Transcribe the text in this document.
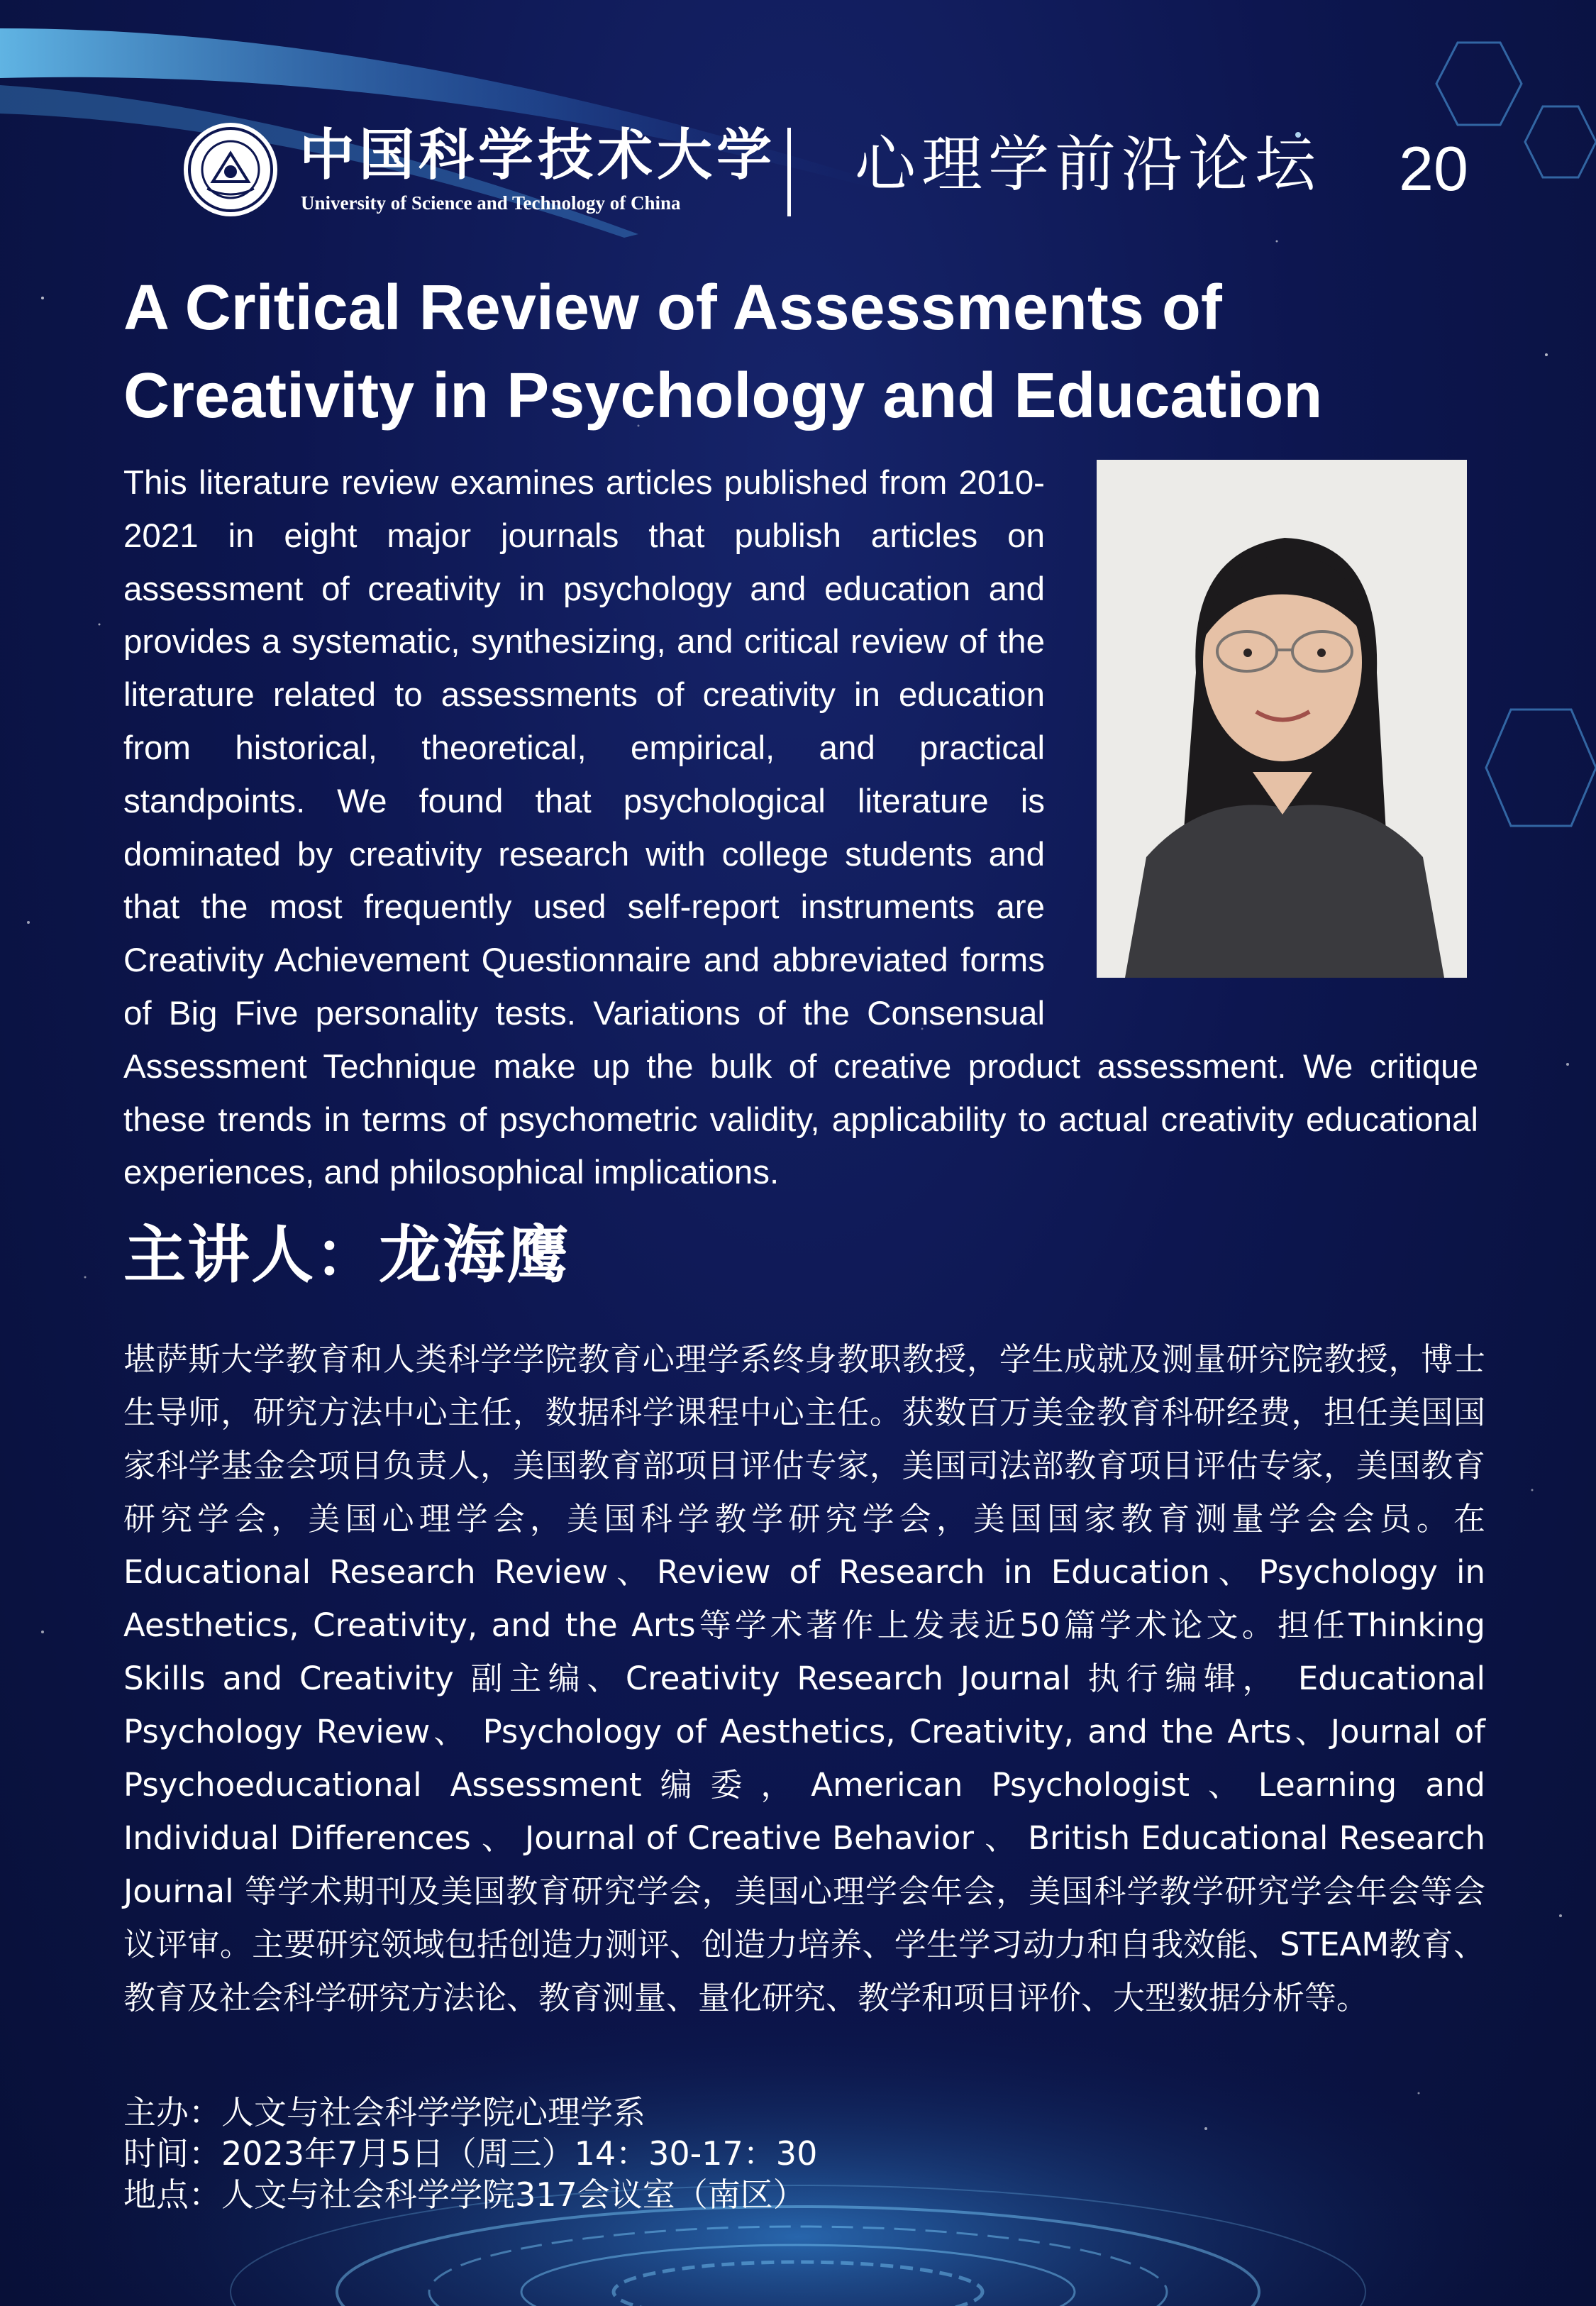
中国科学技术大学
University of Science and Technology of China
心理学前沿论坛	20
A Critical Review of Assessments of Creativity in Psychology and Education
This literature review examines articles published from 2010-2021 in eight major journals that publish articles on assessment of creativity in psychology and education and provides a systematic, synthesizing, and critical review of the literature related to assessments of creativity in education from historical, theoretical, empirical, and practical standpoints. We found that psychological literature is dominated by creativity research with college students and that the most frequently used self-report instruments are Creativity Achievement Questionnaire and abbreviated forms of Big Five personality tests. Variations of the Consensual Assessment Technique make up the bulk of creative product assessment. We critique these trends in terms of psychometric validity, applicability to actual creativity educational experiences, and philosophical implications.
主讲人：龙海鹰
堪萨斯大学教育和人类科学学院教育心理学系终身教职教授，学生成就及测量研究院教授，博士生导师，研究方法中心主任，数据科学课程中心主任。获数百万美金教育科研经费，担任美国国家科学基金会项目负责人，美国教育部项目评估专家，美国司法部教育项目评估专家，美国教育研究学会，美国心理学会，美国科学教学研究学会，美国国家教育测量学会会员。在Educational Research Review、Review of Research in Education、Psychology in Aesthetics, Creativity, and the Arts等学术著作上发表近50篇学术论文。担任Thinking Skills and Creativity 副主编、Creativity Research Journal 执行编辑， Educational Psychology Review、 Psychology of Aesthetics, Creativity, and the Arts、Journal of Psychoeducational Assessment编委，American Psychologist、Learning and Individual Differences 、 Journal of Creative Behavior 、 British Educational Research Journal 等学术期刊及美国教育研究学会，美国心理学会年会，美国科学教学研究学会年会等会议评审。主要研究领域包括创造力测评、创造力培养、学生学习动力和自我效能、STEAM教育、教育及社会科学研究方法论、教育测量、量化研究、教学和项目评价、大型数据分析等。
主办：人文与社会科学学院心理学系
时间：2023年7月5日（周三）14：30-17：30
地点：人文与社会科学学院317会议室（南区）
